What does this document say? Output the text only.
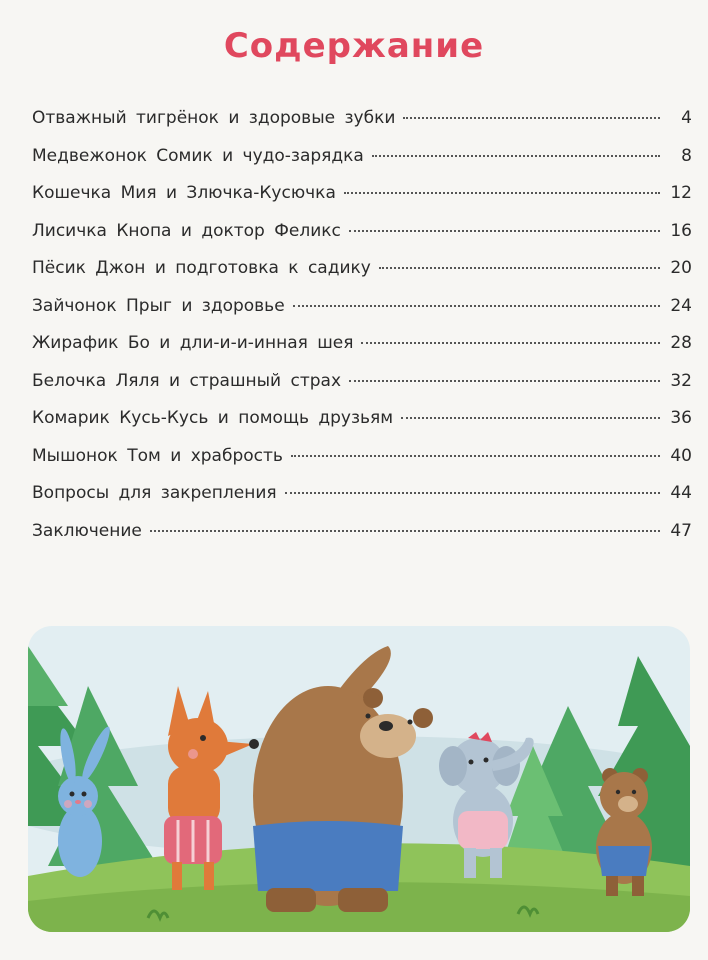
Содержание
Отважный тигрёнок и здоровые зубки	4
Медвежонок Сомик и чудо-зарядка	8
Кошечка Мия и Злючка-Кусючка	12
Лисичка Кнопа и доктор Феликс	16
Пёсик Джон и подготовка к садику	20
Зайчонок Прыг и здоровье	24
Жирафик Бо и дли-и-и-инная шея	28
Белочка Ляля и страшный страх	32
Комарик Кусь-Кусь и помощь друзьям	36
Мышонок Том и храбрость	40
Вопросы для закрепления	44
Заключение	47
